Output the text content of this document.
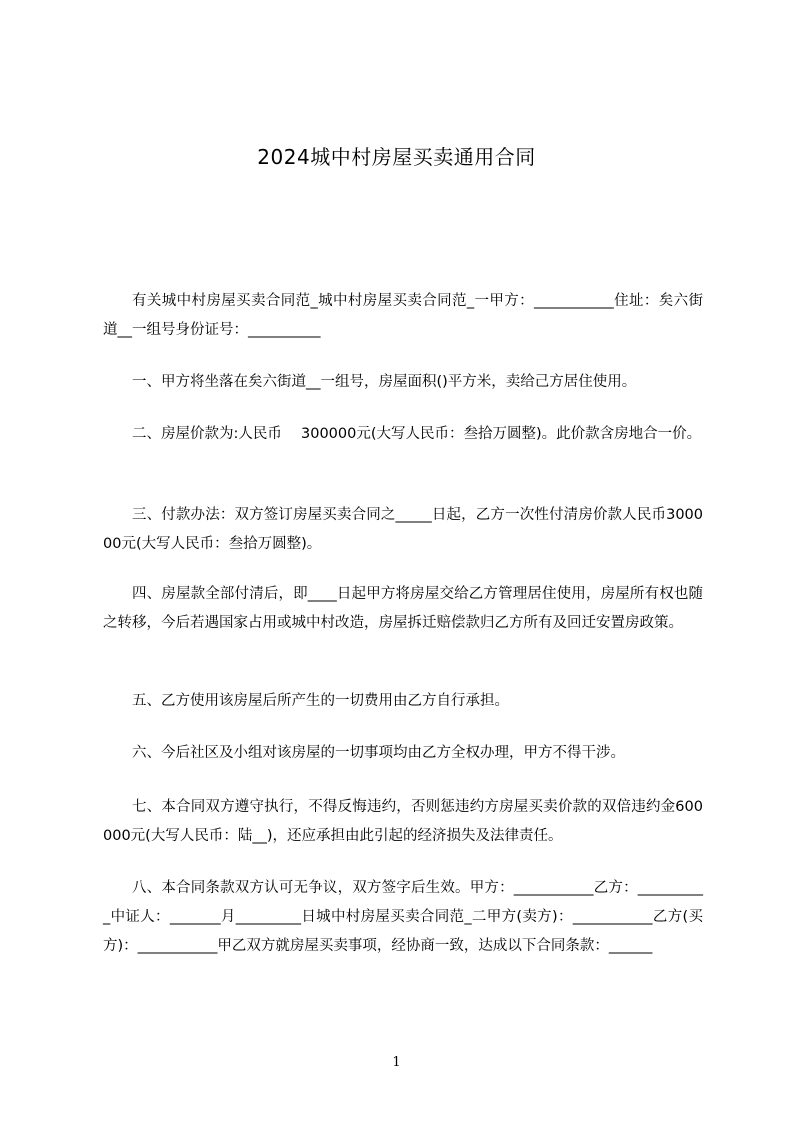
2024城中村房屋买卖通用合同
有关城中村房屋买卖合同范_城中村房屋买卖合同范_一甲方：___________住址：矣六街道__一组号身份证号：__________
一、甲方将坐落在矣六街道__一组号，房屋面积()平方米，卖给己方居住使用。
二、房屋价款为:人民币　 300000元(大写人民币：叁拾万圆整)。此价款含房地合一价。
三、付款办法：双方签订房屋买卖合同之_____日起，乙方一次性付清房价款人民币300000元(大写人民币：叁拾万圆整)。
四、房屋款全部付清后，即____日起甲方将房屋交给乙方管理居住使用，房屋所有权也随之转移，今后若遇国家占用或城中村改造，房屋拆迁赔偿款归乙方所有及回迁安置房政策。
五、乙方使用该房屋后所产生的一切费用由乙方自行承担。
六、今后社区及小组对该房屋的一切事项均由乙方全权办理，甲方不得干涉。
七、本合同双方遵守执行，不得反悔违约，否则惩违约方房屋买卖价款的双倍违约金600000元(大写人民币：陆__)，还应承担由此引起的经济损失及法律责任。
八、本合同条款双方认可无争议，双方签字后生效。甲方：___________乙方：__________中证人：_______月_________日城中村房屋买卖合同范_二甲方(卖方)：___________乙方(买方)：___________甲乙双方就房屋买卖事项，经协商一致，达成以下合同条款：______
1
